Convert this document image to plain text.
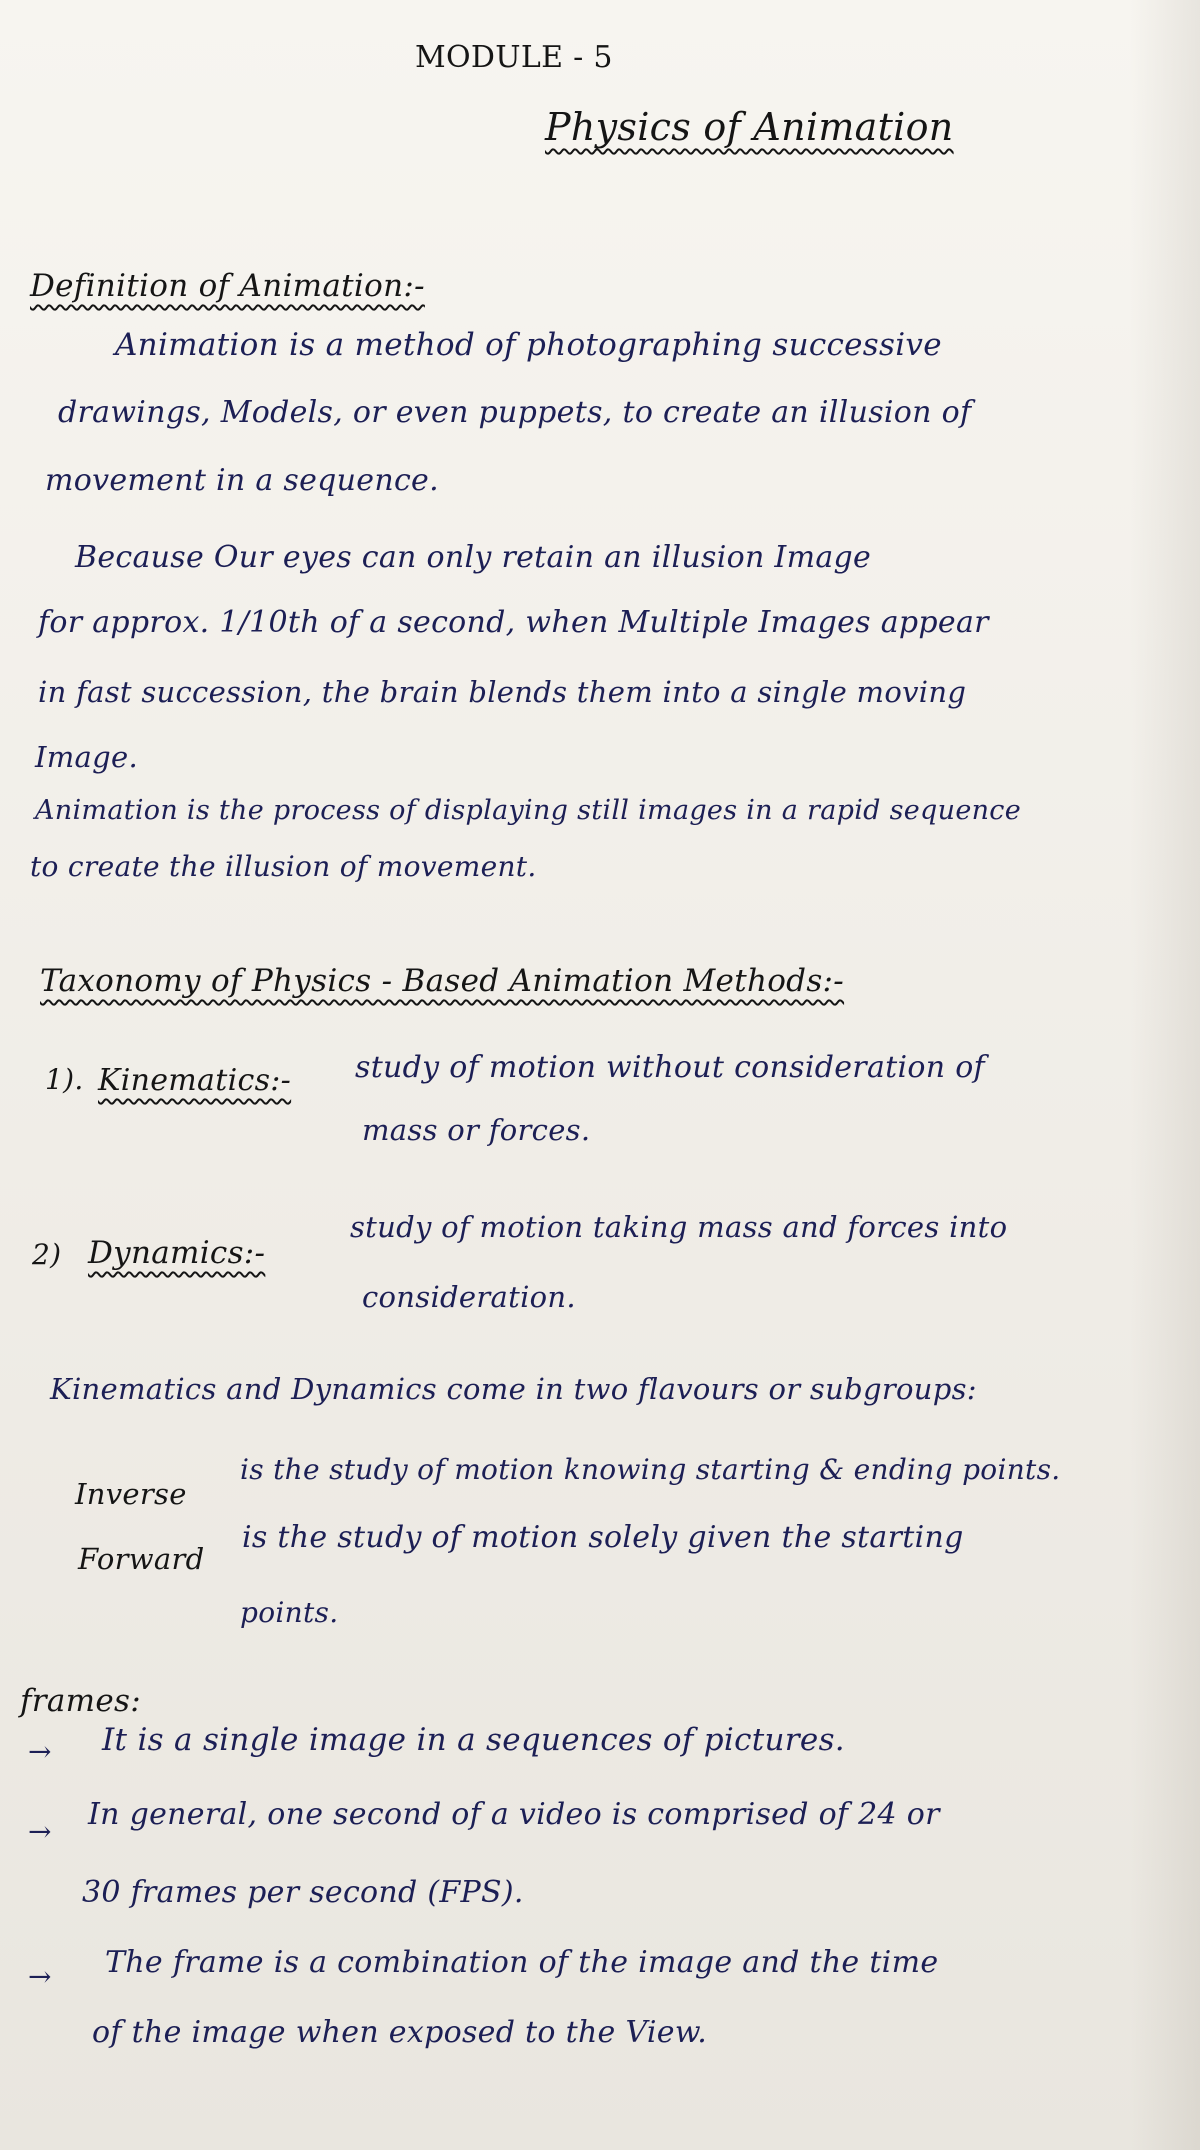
MODULE - 5
Physics of Animation
Definition of Animation:-
Animation is a method of photographing successive
drawings, Models, or even puppets, to create an illusion of
movement in a sequence.
Because Our eyes can only retain an illusion Image
for approx. 1/10th of a second, when Multiple Images appear
in fast succession, the brain blends them into a single moving
Image.
Animation is the process of displaying still images in a rapid sequence
to create the illusion of movement.
Taxonomy of Physics - Based Animation Methods:-
1). Kinematics:- study of motion without consideration of
mass or forces.
2) Dynamics:-
study of motion taking mass and forces into
consideration.
Kinematics and Dynamics come in two flavours or subgroups:
Inverse
is the study of motion knowing starting & ending points.
Forward
is the study of motion solely given the starting
points.
frames:
→ It is a single image in a sequences of pictures.
→ In general, one second of a video is comprised of 24 or
30 frames per second (FPS).
→ The frame is a combination of the image and the time
of the image when exposed to the View.
